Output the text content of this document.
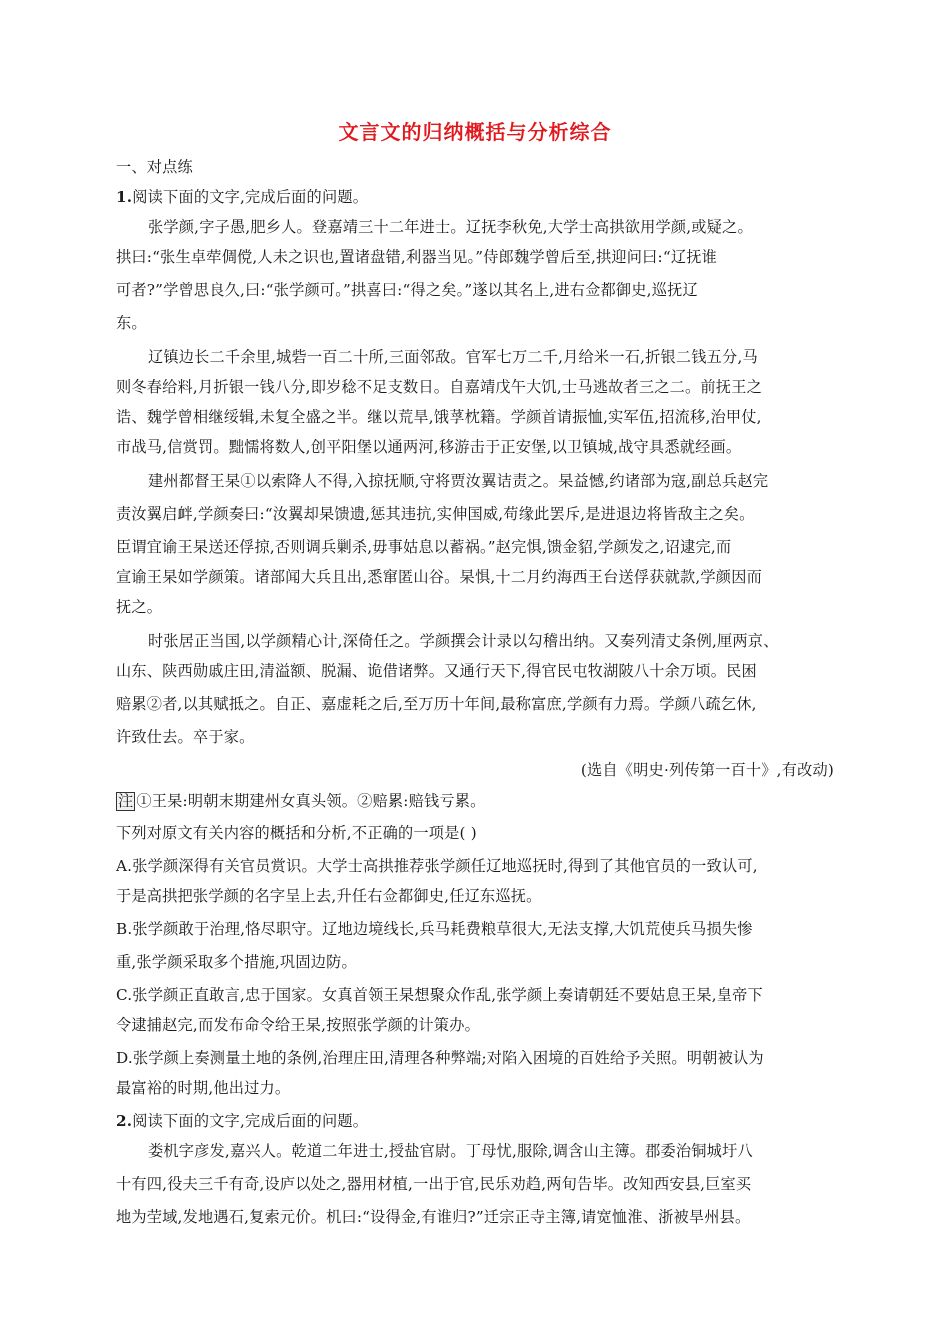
文言文的归纳概括与分析综合
一、对点练
1.阅读下面的文字,完成后面的问题。
张学颜,字子愚,肥乡人。登嘉靖三十二年进士。辽抚李秋免,大学士高拱欲用学颜,或疑之。
拱曰:“张生卓荦倜傥,人未之识也,置诸盘错,利器当见。”侍郎魏学曾后至,拱迎问曰:“辽抚谁
可者?”学曾思良久,曰:“张学颜可。”拱喜曰:“得之矣。”遂以其名上,进右佥都御史,巡抚辽
东。
辽镇边长二千余里,城砦一百二十所,三面邻敌。官军七万二千,月给米一石,折银二钱五分,马
则冬春给料,月折银一钱八分,即岁稔不足支数日。自嘉靖戊午大饥,士马逃故者三之二。前抚王之
诰、魏学曾相继绥辑,未复全盛之半。继以荒旱,饿莩枕籍。学颜首请振恤,实军伍,招流移,治甲仗,
市战马,信赏罚。黜懦将数人,创平阳堡以通两河,移游击于正安堡,以卫镇城,战守具悉就经画。
建州都督王杲①以索降人不得,入掠抚顺,守将贾汝翼诘责之。杲益憾,约诸部为寇,副总兵赵完
责汝翼启衅,学颜奏曰:“汝翼却杲馈遗,惩其违抗,实伸国威,苟缘此罢斥,是进退边将皆敌主之矣。
臣谓宜谕王杲送还俘掠,否则调兵剿杀,毋事姑息以蓄祸。”赵完惧,馈金貂,学颜发之,诏逮完,而
宣谕王杲如学颜策。诸部闻大兵且出,悉窜匿山谷。杲惧,十二月约海西王台送俘获就款,学颜因而
抚之。
时张居正当国,以学颜精心计,深倚任之。学颜撰会计录以勾稽出纳。又奏列清丈条例,厘两京、
山东、陕西勋戚庄田,清溢额、脱漏、诡借诸弊。又通行天下,得官民屯牧湖陂八十余万顷。民困
赔累②者,以其赋抵之。自正、嘉虚耗之后,至万历十年间,最称富庶,学颜有力焉。学颜八疏乞休,
许致仕去。卒于家。
(选自《明史·列传第一百十》,有改动)
注 ①王杲:明朝末期建州女真头领。②赔累:赔钱亏累。
下列对原文有关内容的概括和分析,不正确的一项是( )
A.张学颜深得有关官员赏识。大学士高拱推荐张学颜任辽地巡抚时,得到了其他官员的一致认可,
于是高拱把张学颜的名字呈上去,升任右佥都御史,任辽东巡抚。
B.张学颜敢于治理,恪尽职守。辽地边境线长,兵马耗费粮草很大,无法支撑,大饥荒使兵马损失惨
重,张学颜采取多个措施,巩固边防。
C.张学颜正直敢言,忠于国家。女真首领王杲想聚众作乱,张学颜上奏请朝廷不要姑息王杲,皇帝下
令逮捕赵完,而发布命令给王杲,按照张学颜的计策办。
D.张学颜上奏测量土地的条例,治理庄田,清理各种弊端;对陷入困境的百姓给予关照。明朝被认为
最富裕的时期,他出过力。
2.阅读下面的文字,完成后面的问题。
娄机字彦发,嘉兴人。乾道二年进士,授盐官尉。丁母忧,服除,调含山主簿。郡委治铜城圩八
十有四,役夫三千有奇,设庐以处之,器用材植,一出于官,民乐劝趋,两旬告毕。改知西安县,巨室买
地为茔域,发地遇石,复索元价。机曰:“设得金,有谁归?”迁宗正寺主簿,请宽恤淮、浙被旱州县。
